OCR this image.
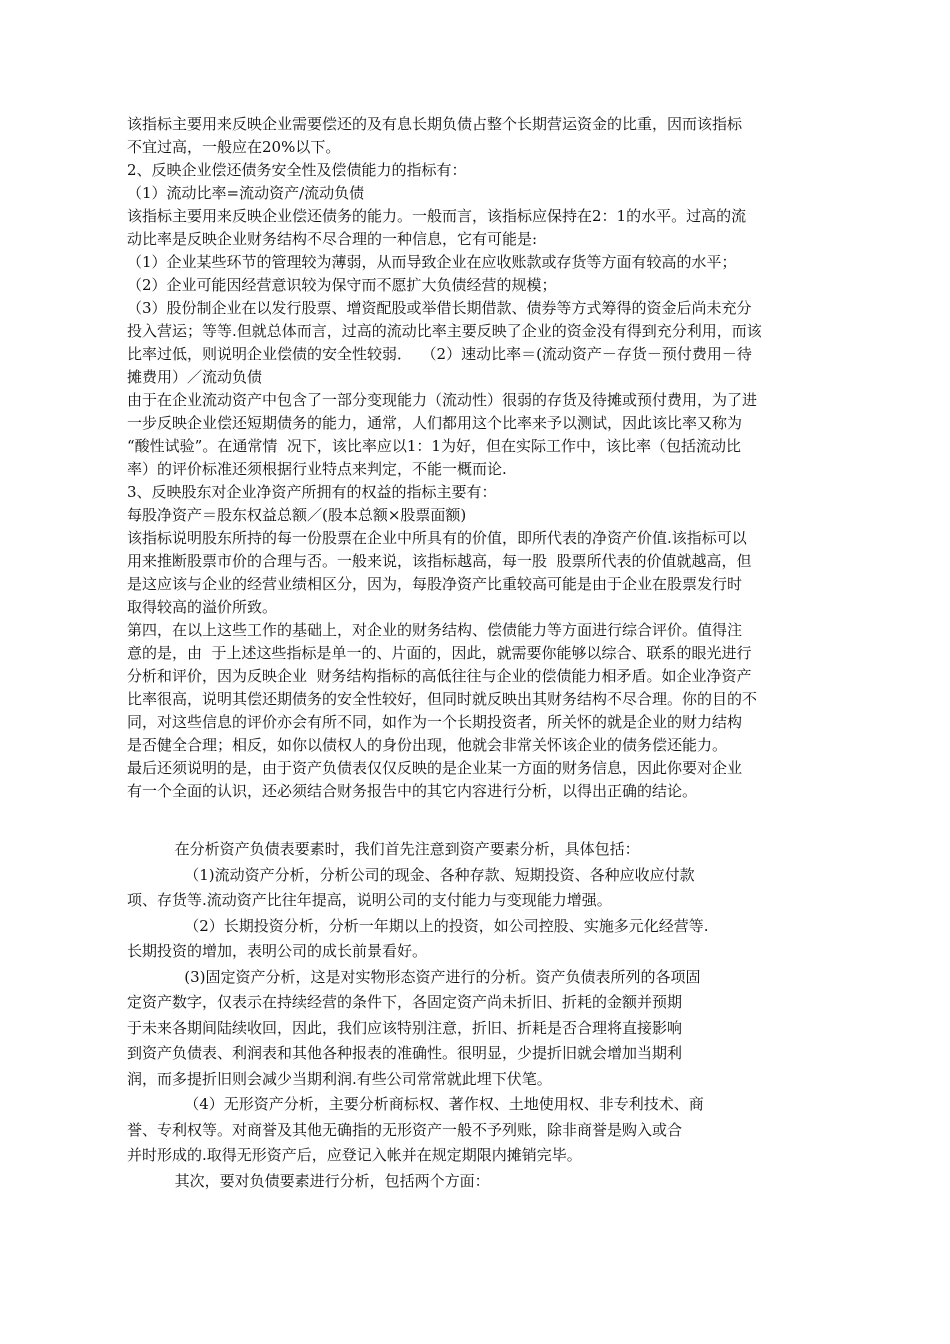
该指标主要用来反映企业需要偿还的及有息长期负债占整个长期营运资金的比重，因而该指标
不宜过高，一般应在20%以下。
2、反映企业偿还债务安全性及偿债能力的指标有：
（1）流动比率=流动资产/流动负债
该指标主要用来反映企业偿还债务的能力。一般而言，该指标应保持在2：1的水平。过高的流
动比率是反映企业财务结构不尽合理的一种信息，它有可能是:
（1）企业某些环节的管理较为薄弱，从而导致企业在应收账款或存货等方面有较高的水平；
（2）企业可能因经营意识较为保守而不愿扩大负债经营的规模；
（3）股份制企业在以发行股票、增资配股或举借长期借款、债券等方式筹得的资金后尚未充分
投入营运；等等.但就总体而言，过高的流动比率主要反映了企业的资金没有得到充分利用，而该
比率过低，则说明企业偿债的安全性较弱．  （2）速动比率＝(流动资产－存货－预付费用－待
摊费用）／流动负债
由于在企业流动资产中包含了一部分变现能力（流动性）很弱的存货及待摊或预付费用，为了进
一步反映企业偿还短期债务的能力，通常，人们都用这个比率来予以测试，因此该比率又称为
“酸性试验”。在通常情  况下，该比率应以1：1为好，但在实际工作中，该比率（包括流动比
率）的评价标准还须根据行业特点来判定，不能一概而论.
3、反映股东对企业净资产所拥有的权益的指标主要有：
每股净资产＝股东权益总额／(股本总额×股票面额)
该指标说明股东所持的每一份股票在企业中所具有的价值，即所代表的净资产价值.该指标可以
用来推断股票市价的合理与否。一般来说，该指标越高，每一股  股票所代表的价值就越高，但
是这应该与企业的经营业绩相区分，因为，每股净资产比重较高可能是由于企业在股票发行时
取得较高的溢价所致。
第四，在以上这些工作的基础上，对企业的财务结构、偿债能力等方面进行综合评价。值得注
意的是，由  于上述这些指标是单一的、片面的，因此，就需要你能够以综合、联系的眼光进行
分析和评价，因为反映企业  财务结构指标的高低往往与企业的偿债能力相矛盾。如企业净资产
比率很高，说明其偿还期债务的安全性较好，但同时就反映出其财务结构不尽合理。你的目的不
同，对这些信息的评价亦会有所不同，如作为一个长期投资者，所关怀的就是企业的财力结构
是否健全合理；相反，如你以债权人的身份出现，他就会非常关怀该企业的债务偿还能力。
最后还须说明的是，由于资产负债表仅仅反映的是企业某一方面的财务信息，因此你要对企业
有一个全面的认识，还必须结合财务报告中的其它内容进行分析，以得出正确的结论。
在分析资产负债表要素时，我们首先注意到资产要素分析，具体包括：
（1)流动资产分析，分析公司的现金、各种存款、短期投资、各种应收应付款
项、存货等.流动资产比往年提高，说明公司的支付能力与变现能力增强。
（2）长期投资分析，分析一年期以上的投资，如公司控股、实施多元化经营等.
长期投资的增加，表明公司的成长前景看好。
(3)固定资产分析，这是对实物形态资产进行的分析。资产负债表所列的各项固
定资产数字，仅表示在持续经营的条件下，各固定资产尚未折旧、折耗的金额并预期
于未来各期间陆续收回，因此，我们应该特别注意，折旧、折耗是否合理将直接影响
到资产负债表、利润表和其他各种报表的准确性。很明显，少提折旧就会增加当期利
润，而多提折旧则会减少当期利润.有些公司常常就此埋下伏笔。
（4）无形资产分析，主要分析商标权、著作权、土地使用权、非专利技术、商
誉、专利权等。对商誉及其他无确指的无形资产一般不予列账，除非商誉是购入或合
并时形成的.取得无形资产后，应登记入帐并在规定期限内摊销完毕。
其次，要对负债要素进行分析，包括两个方面：
